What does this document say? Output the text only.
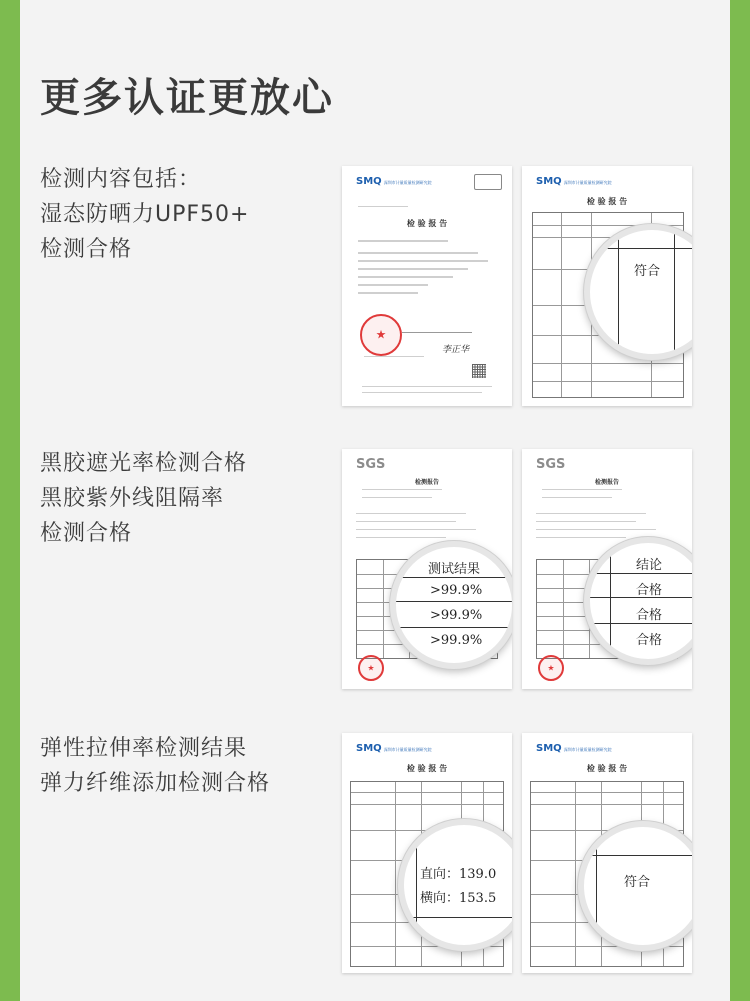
更多认证更放心
检测内容包括：
湿态防晒力UPF50+
检测合格
黑胶遮光率检测合格
黑胶紫外线阻隔率
检测合格
弹性拉伸率检测结果
弹力纤维添加检测合格
SMQ 深圳市计量质量检测研究院
检 验 报 告
★
李正华
SMQ 深圳市计量质量检测研究院
检 验 报 告
符合
SGS
检测报告
★
测试结果
>99.9%
>99.9%
>99.9%
SGS
检测报告
★
结论
合格
合格
合格
SMQ 深圳市计量质量检测研究院
检 验 报 告
直向：139.0
横向：153.5
SMQ 深圳市计量质量检测研究院
检 验 报 告
符合
